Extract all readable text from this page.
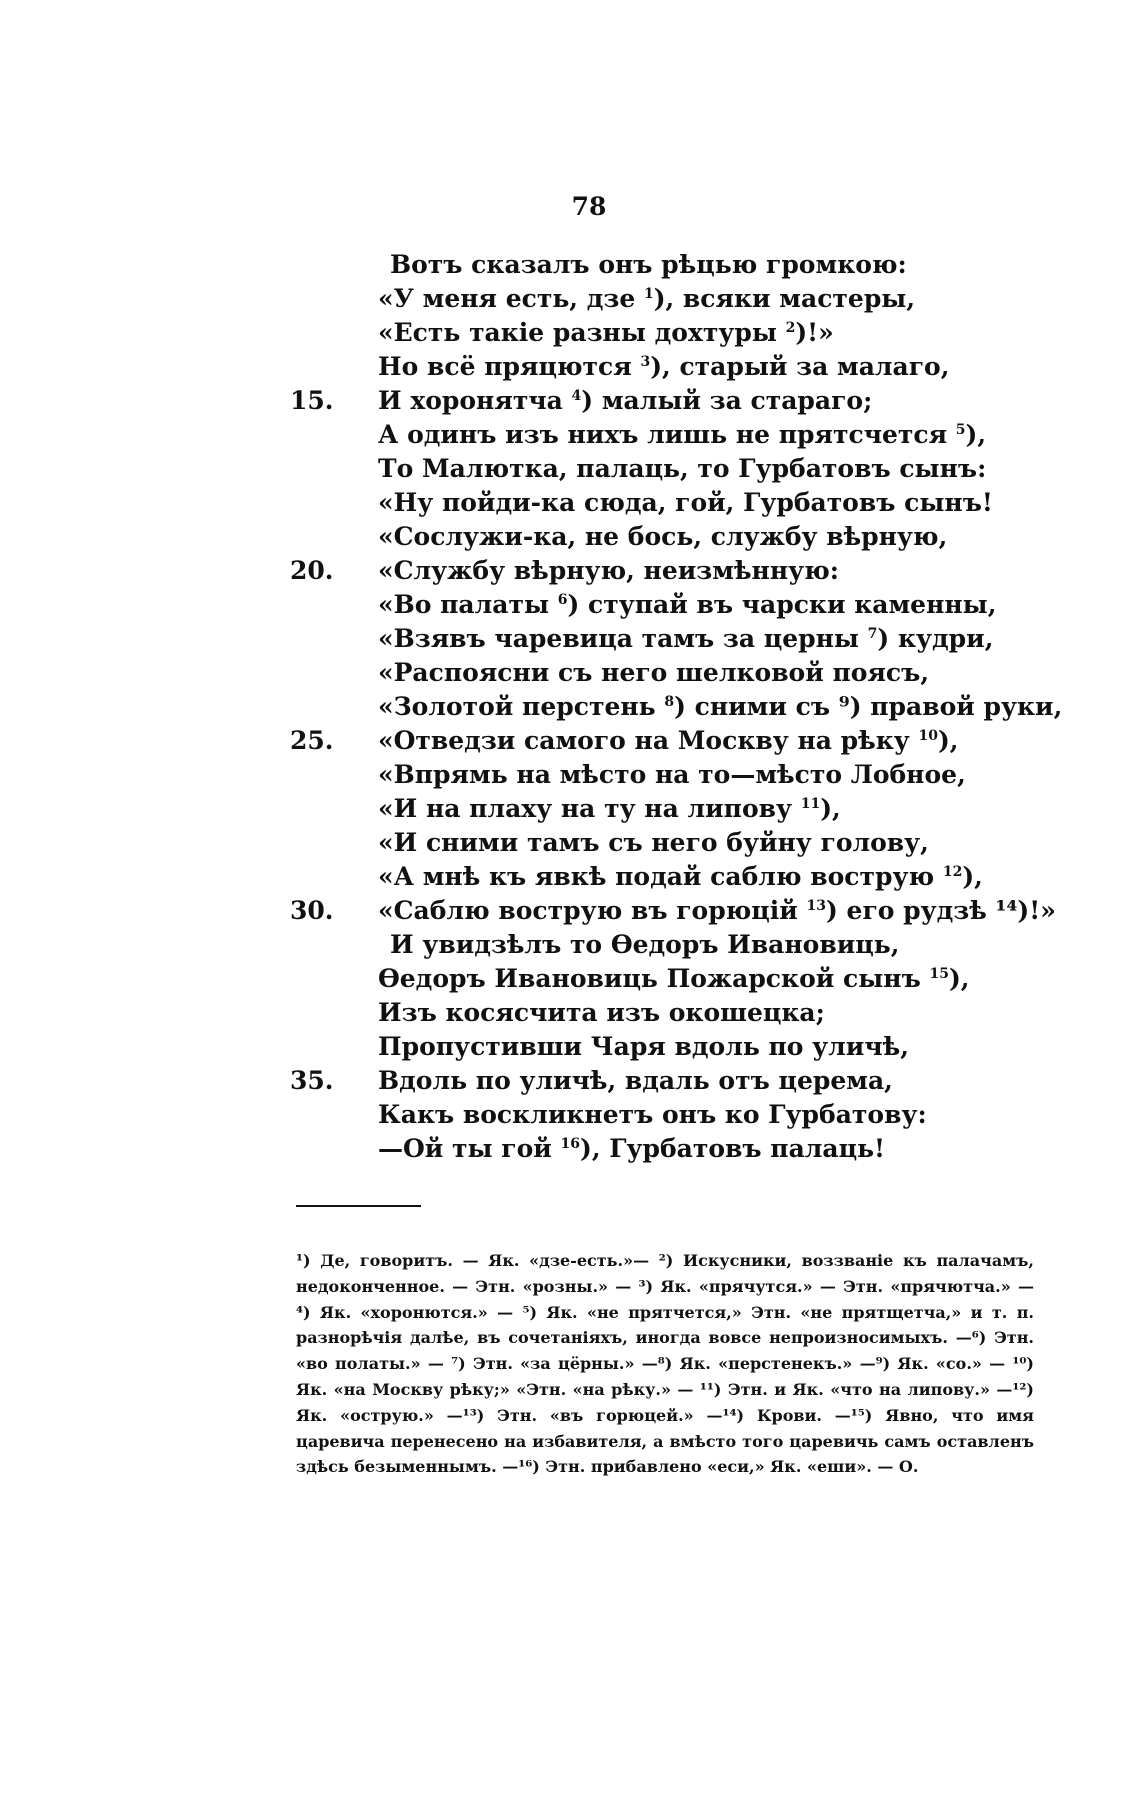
78
Вотъ сказалъ онъ рѣцью громкою:
«У меня есть, дзе $^1$), всяки мастеры,
«Есть такіе разны дохтуры $^2$)!»
Но всё пряцются $^3$), старый за малаго,
15. И хоронятча $^4$) малый за стараго;
А одинъ изъ нихъ лишь не прятсчется $^5$),
То Малютка, палаць, то Гурбатовъ сынъ:
«Ну пойди-ка сюда, гой, Гурбатовъ сынъ!
«Сослужи-ка, не бось, службу вѣрную,
20. «Службу вѣрную, неизмѣнную:
«Во палаты $^6$) ступай въ чарски каменны,
«Взявъ чаревица тамъ за церны $^7$) кудри,
«Распоясни съ него шелковой поясъ,
«Золотой перстень $^8$) сними съ ⁹) правой руки,
25. «Отведзи самого на Москву на рѣку $^{10}$),
«Впрямь на мѣсто на то—мѣсто Лобное,
«И на плаху на ту на липову $^{11}$),
«И сними тамъ съ него буйну голову,
«А мнѣ къ явкѣ подай саблю вострую $^{12}$),
30. «Саблю вострую въ горюцій $^{13}$) его рудзѣ ¹⁴)!»
И увидзѣлъ то Ѳедоръ Ивановиць,
Ѳедоръ Ивановиць Пожарской сынъ $^{15}$),
Изъ косясчита изъ окошецка;
Пропустивши Чаря вдоль по уличѣ,
35. Вдоль по уличѣ, вдаль отъ церема,
Какъ воскликнетъ онъ ко Гурбатову:
—Ой ты гой $^{16}$), Гурбатовъ палаць!
¹) Де, говоритъ. — Як. «дзе-есть.»— ²) Искусники, воззваніе къ палачамъ, недоконченное. — Этн. «розны.» — ³) Як. «прячутся.» — Этн. «прячютча.» — ⁴) Як. «хоронются.» — ⁵) Як. «не прятчется,» Этн. «не прятщетча,» и т. п. разнорѣчія далѣе, въ сочетаніяхъ, иногда вовсе непроизносимыхъ. —⁶) Этн. «во полаты.» — ⁷) Этн. «за цёрны.» —⁸) Як. «перстенекъ.» —⁹) Як. «со.» — ¹⁰) Як. «на Москву рѣку;» «Этн. «на рѣку.» — ¹¹) Этн. и Як. «что на липову.» —¹²) Як. «острую.» —¹³) Этн. «въ горюцей.» —¹⁴) Крови. —¹⁵) Явно, что имя царевича перенесено на избавителя, а вмѣсто того царевичь самъ оставленъ здѣсь безыменнымъ. —¹⁶) Этн. прибавлено «еси,» Як. «еши». — О.
